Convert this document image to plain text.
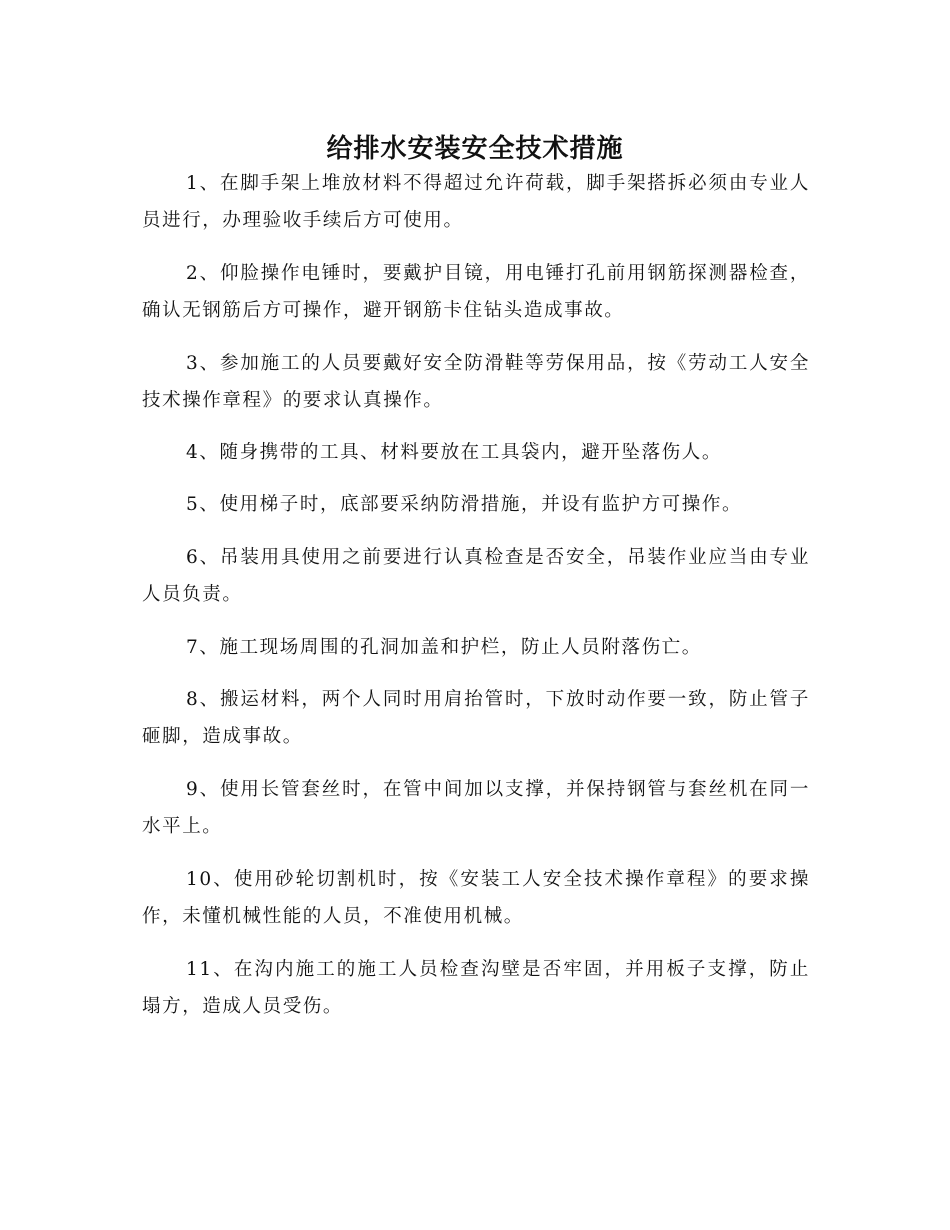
给排水安装安全技术措施

1、在脚手架上堆放材料不得超过允许荷载，脚手架搭拆必须由专业人员进行，办理验收手续后方可使用。

2、仰脸操作电锤时，要戴护目镜，用电锤打孔前用钢筋探测器检查，确认无钢筋后方可操作，避开钢筋卡住钻头造成事故。

3、参加施工的人员要戴好安全防滑鞋等劳保用品，按《劳动工人安全技术操作章程》的要求认真操作。

4、随身携带的工具、材料要放在工具袋内，避开坠落伤人。

5、使用梯子时，底部要采纳防滑措施，并设有监护方可操作。

6、吊装用具使用之前要进行认真检查是否安全，吊装作业应当由专业人员负责。

7、施工现场周围的孔洞加盖和护栏，防止人员附落伤亡。

8、搬运材料，两个人同时用肩抬管时，下放时动作要一致，防止管子砸脚，造成事故。

9、使用长管套丝时，在管中间加以支撑，并保持钢管与套丝机在同一水平上。

10、使用砂轮切割机时，按《安装工人安全技术操作章程》的要求操作，未懂机械性能的人员，不准使用机械。

11、在沟内施工的施工人员检查沟壁是否牢固，并用板子支撑，防止塌方，造成人员受伤。
